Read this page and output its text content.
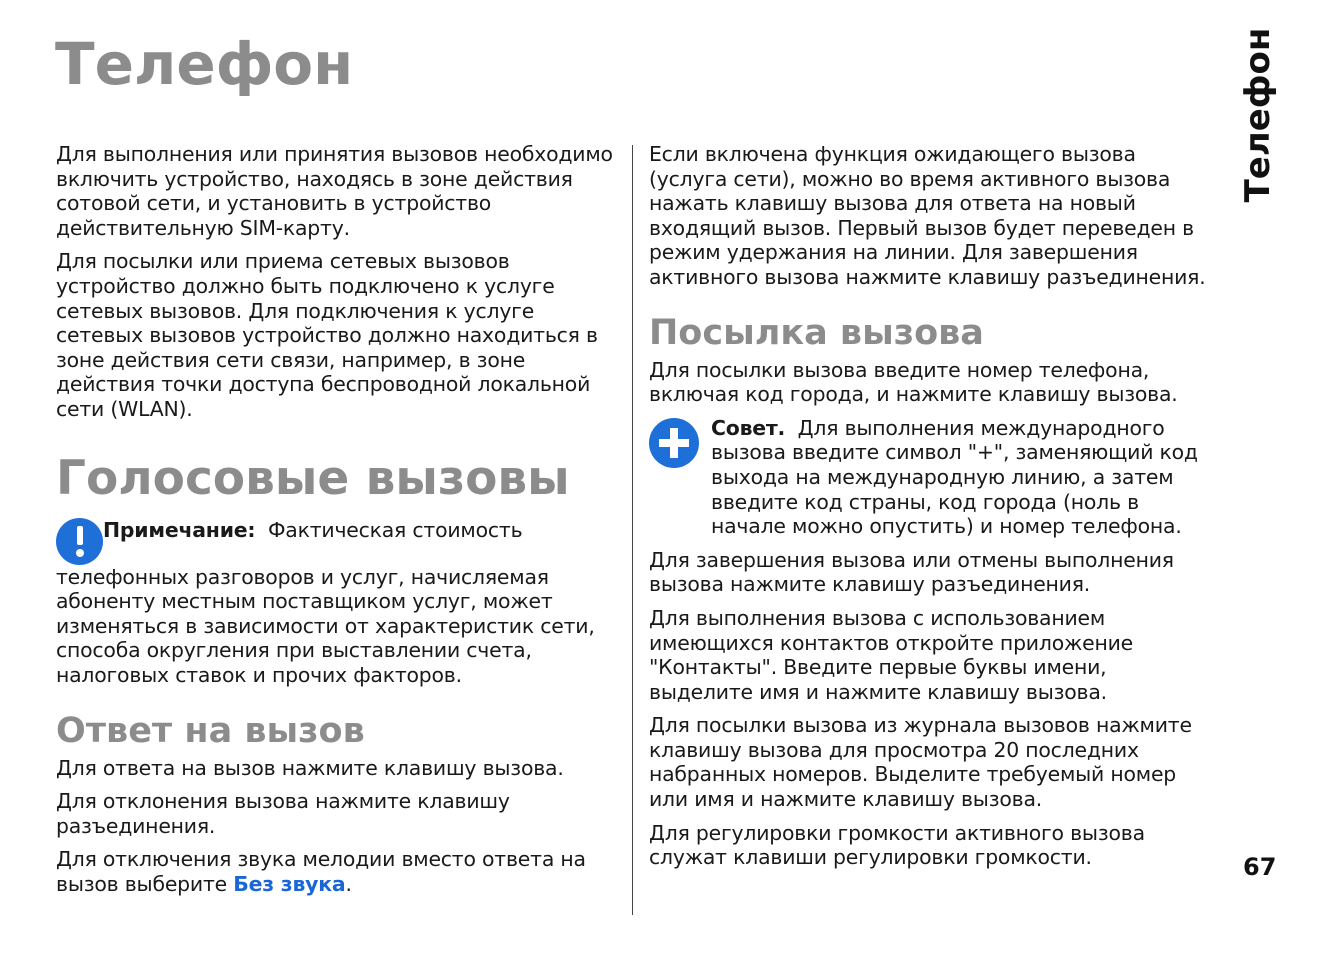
Телефон	Телефон

Для выполнения или принятия вызовов необходимо включить устройство, находясь в зоне действия сотовой сети, и установить в устройство действительную SIM-карту.

Для посылки или приема сетевых вызовов устройство должно быть подключено к услуге сетевых вызовов. Для подключения к услуге сетевых вызовов устройство должно находиться в зоне действия сети связи, например, в зоне действия точки доступа беспроводной локальной сети (WLAN).

Голосовые вызовы

Примечание: Фактическая стоимость телефонных разговоров и услуг, начисляемая абоненту местным поставщиком услуг, может изменяться в зависимости от характеристик сети, способа округления при выставлении счета, налоговых ставок и прочих факторов.

Ответ на вызов

Для ответа на вызов нажмите клавишу вызова.

Для отклонения вызова нажмите клавишу разъединения.

Для отключения звука мелодии вместо ответа на вызов выберите Без звука.

Если включена функция ожидающего вызова (услуга сети), можно во время активного вызова нажать клавишу вызова для ответа на новый входящий вызов. Первый вызов будет переведен в режим удержания на линии. Для завершения активного вызова нажмите клавишу разъединения.

Посылка вызова

Для посылки вызова введите номер телефона, включая код города, и нажмите клавишу вызова.

Совет. Для выполнения международного вызова введите символ "+", заменяющий код выхода на международную линию, а затем введите код страны, код города (ноль в начале можно опустить) и номер телефона.

Для завершения вызова или отмены выполнения вызова нажмите клавишу разъединения.

Для выполнения вызова с использованием имеющихся контактов откройте приложение "Контакты". Введите первые буквы имени, выделите имя и нажмите клавишу вызова.

Для посылки вызова из журнала вызовов нажмите клавишу вызова для просмотра 20 последних набранных номеров. Выделите требуемый номер или имя и нажмите клавишу вызова.

Для регулировки громкости активного вызова служат клавиши регулировки громкости.	67
